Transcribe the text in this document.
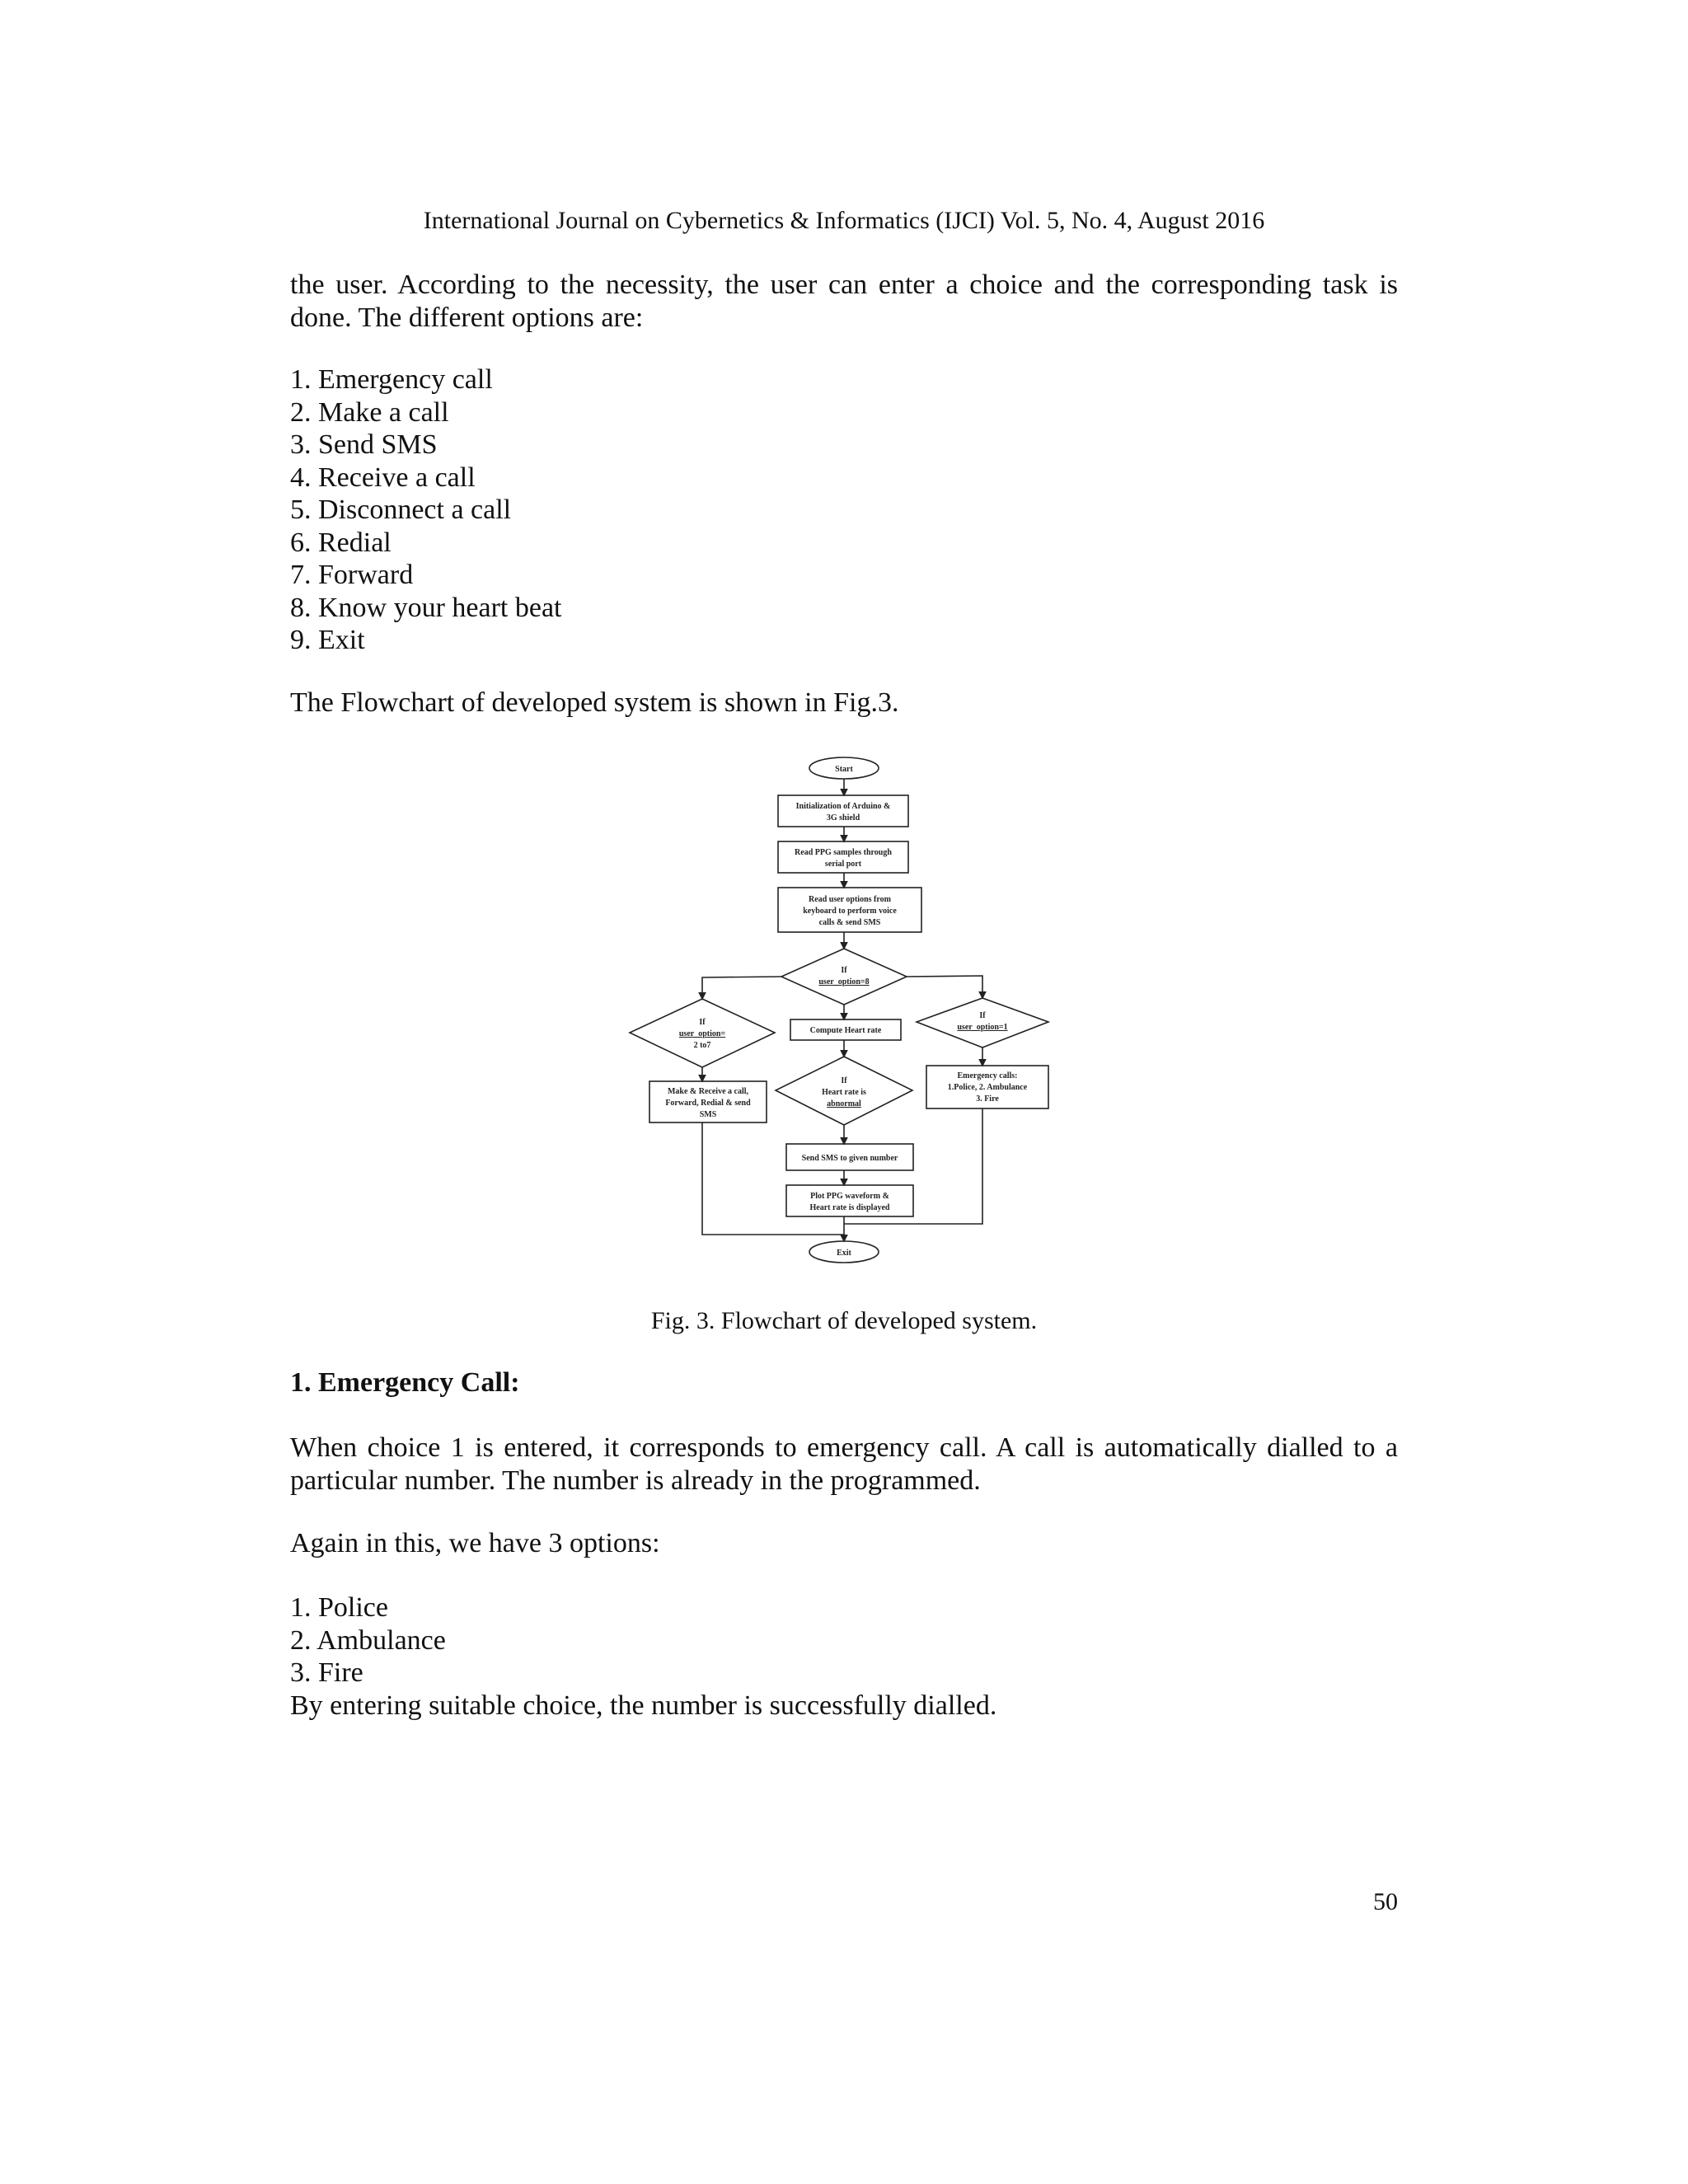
International Journal on Cybernetics & Informatics (IJCI) Vol. 5, No. 4, August 2016
the user. According to the necessity, the user can enter a choice and the corresponding task is done. The different options are:
1. Emergency call
2. Make a call
3. Send SMS
4. Receive a call
5. Disconnect a call
6. Redial
7. Forward
8. Know your heart beat
9. Exit
The Flowchart of developed system is shown in Fig.3.
Start
Initialization of Arduino &
3G shield
Read PPG samples through
serial port
Read user options from
keyboard to perform voice
calls & send SMS
If
user_option=8
If
user_option=
2 to7
Compute Heart rate
If
user_option=1
If
Heart rate is
abnormal
Make & Receive a call,
Forward, Redial & send
SMS
Emergency calls:
1.Police, 2. Ambulance
3. Fire
Send SMS to given number
Plot PPG waveform &
Heart rate is displayed
Exit
Fig. 3. Flowchart of developed system.
1. Emergency Call:
When choice 1 is entered, it corresponds to emergency call. A call is automatically dialled to a particular number. The number is already in the programmed.
Again in this, we have 3 options:
1. Police
2. Ambulance
3. Fire
By entering suitable choice, the number is successfully dialled.
50
